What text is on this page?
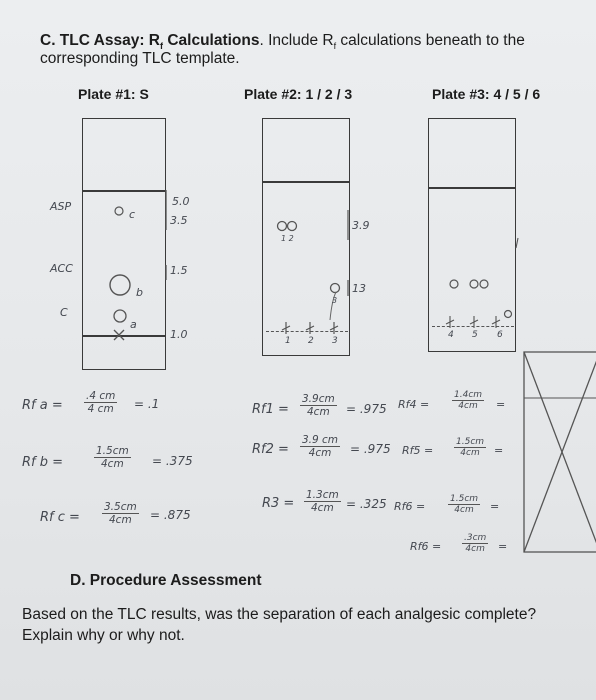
C. TLC Assay: $R_f$ Calculations. Include $R_f$ calculations beneath to the
corresponding TLC template.
Plate #1: S	Plate #2: 1 / 2 / 3	Plate #3: 4 / 5 / 6
ASP
ACC
C
c
b
a
5.0
3.5
1.5
1.0
1 2
3.9
3
13
1 2 3
4 5 6
Rf $a = \frac{.4 cm}{4 cm} = .1$
Rf b =	$\frac{1.5cm}{4cm} = .375$
Rf $c = \frac{3.5cm}{4cm} = .875$
$Rf1 = \frac{3.9cm}{4cm} = .975$
$Rf2 = \frac{3.9 cm}{4cm} = .975$
$R3 = \frac{1.3cm}{4cm} = .325$
Rf4 =	$\frac{1.4cm}{4cm}$ =
$Rf5 = \frac{1.5cm}{4cm}$ =
Rf6 =	$\frac{1.5cm}{4cm}$ =
$Rf6 = \frac{.3cm}{4cm}$ =
D. Procedure Assessment
Based on the TLC results, was the separation of each analgesic complete? Explain why or why not.
